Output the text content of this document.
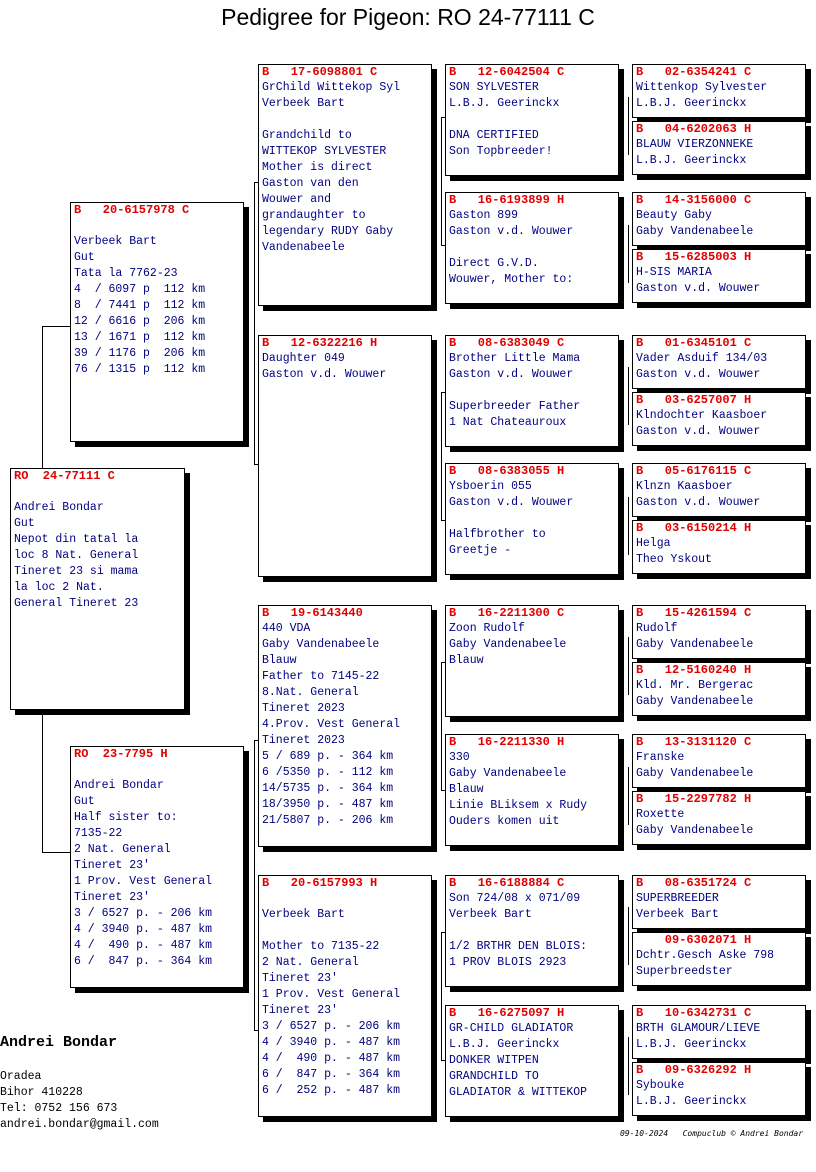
Pedigree for Pigeon: RO 24-77111 C
RO  24-77111 C
Andrei Bondar
Gut
Nepot din tatal la
loc 8 Nat. General
Tineret 23 si mama
la loc 2 Nat.
General Tineret 23
B   20-6157978 C
Verbeek Bart
Gut
Tata la 7762-23
4  / 6097 p  112 km
8  / 7441 p  112 km
12 / 6616 p  206 km
13 / 1671 p  112 km
39 / 1176 p  206 km
76 / 1315 p  112 km
RO  23-7795 H
Andrei Bondar
Gut
Half sister to:
7135-22
2 Nat. General
Tineret 23'
1 Prov. Vest General
Tineret 23'
3 / 6527 p. - 206 km
4 / 3940 p. - 487 km
4 /  490 p. - 487 km
6 /  847 p. - 364 km
B   17-6098801 C
GrChild Wittekop Syl
Verbeek Bart
Grandchild to
WITTEKOP SYLVESTER
Mother is direct
Gaston van den
Wouwer and
grandaughter to
legendary RUDY Gaby
Vandenabeele
B   12-6322216 H
Daughter 049
Gaston v.d. Wouwer
B   19-6143440
440 VDA
Gaby Vandenabeele
Blauw
Father to 7145-22
8.Nat. General
Tineret 2023
4.Prov. Vest General
Tineret 2023
5 / 689 p. - 364 km
6 /5350 p. - 112 km
14/5735 p. - 364 km
18/3950 p. - 487 km
21/5807 p. - 206 km
B   20-6157993 H
Verbeek Bart
Mother to 7135-22
2 Nat. General
Tineret 23'
1 Prov. Vest General
Tineret 23'
3 / 6527 p. - 206 km
4 / 3940 p. - 487 km
4 /  490 p. - 487 km
6 /  847 p. - 364 km
6 /  252 p. - 487 km
B   12-6042504 C
SON SYLVESTER
L.B.J. Geerinckx
DNA CERTIFIED
Son Topbreeder!
B   16-6193899 H
Gaston 899
Gaston v.d. Wouwer
Direct G.V.D.
Wouwer, Mother to:
B   08-6383049 C
Brother Little Mama
Gaston v.d. Wouwer
Superbreeder Father
1 Nat Chateauroux
B   08-6383055 H
Ysboerin 055
Gaston v.d. Wouwer
Halfbrother to
Greetje -
B   16-2211300 C
Zoon Rudolf
Gaby Vandenabeele
Blauw
B   16-2211330 H
330
Gaby Vandenabeele
Blauw
Linie BLiksem x Rudy
Ouders komen uit
B   16-6188884 C
Son 724/08 x 071/09
Verbeek Bart
1/2 BRTHR DEN BLOIS:
1 PROV BLOIS 2923
B   16-6275097 H
GR-CHILD GLADIATOR
L.B.J. Geerinckx
DONKER WITPEN
GRANDCHILD TO
GLADIATOR & WITTEKOP
B   02-6354241 C
Wittenkop Sylvester
L.B.J. Geerinckx
B   04-6202063 H
BLAUW VIERZONNEKE
L.B.J. Geerinckx
B   14-3156000 C
Beauty Gaby
Gaby Vandenabeele
B   15-6285003 H
H-SIS MARIA
Gaston v.d. Wouwer
B   01-6345101 C
Vader Asduif 134/03
Gaston v.d. Wouwer
B   03-6257007 H
Klndochter Kaasboer
Gaston v.d. Wouwer
B   05-6176115 C
Klnzn Kaasboer
Gaston v.d. Wouwer
B   03-6150214 H
Helga
Theo Yskout
B   15-4261594 C
Rudolf
Gaby Vandenabeele
B   12-5160240 H
Kld. Mr. Bergerac
Gaby Vandenabeele
B   13-3131120 C
Franske
Gaby Vandenabeele
B   15-2297782 H
Roxette
Gaby Vandenabeele
B   08-6351724 C
SUPERBREEDER
Verbeek Bart
09-6302071 H
Dchtr.Gesch Aske 798
Superbreedster
B   10-6342731 C
BRTH GLAMOUR/LIEVE
L.B.J. Geerinckx
B   09-6326292 H
Sybouke
L.B.J. Geerinckx
Andrei Bondar
Oradea
Bihor 410228
Tel: 0752 156 673
andrei.bondar@gmail.com
09-10-2024   Compuclub © Andrei Bondar
